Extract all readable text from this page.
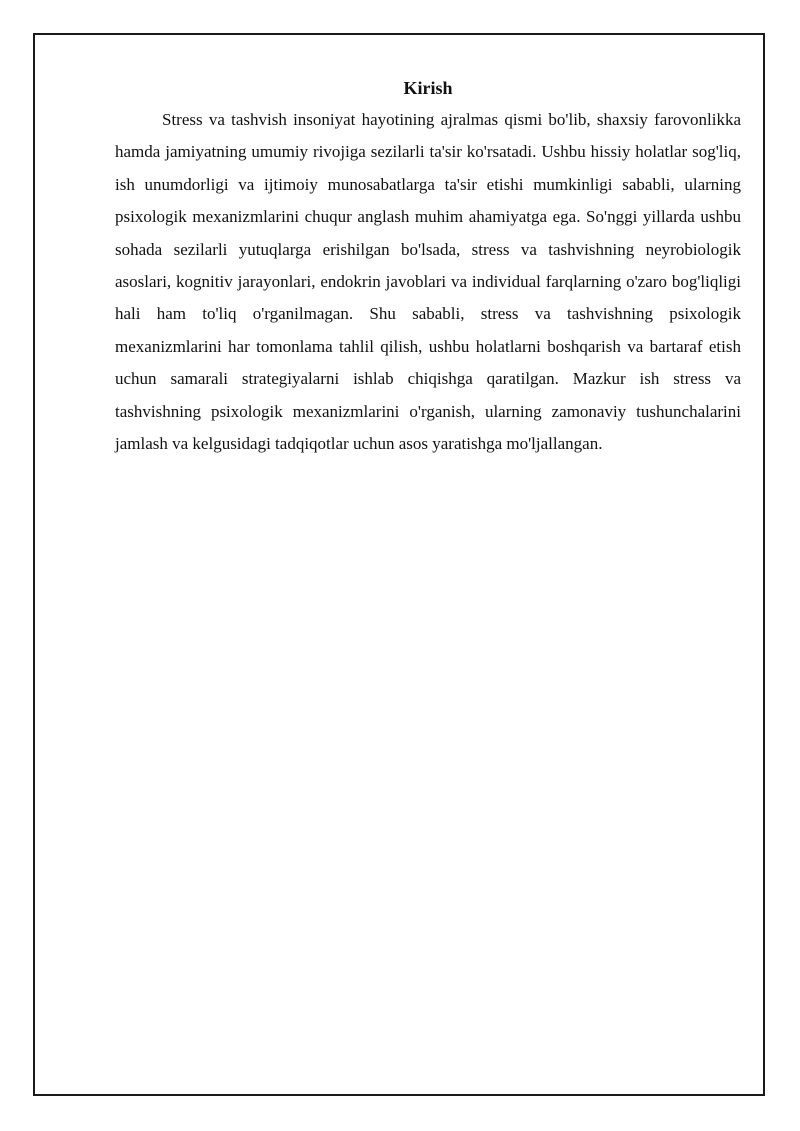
Kirish

Stress va tashvish insoniyat hayotining ajralmas qismi bo'lib, shaxsiy farovonlikka hamda jamiyatning umumiy rivojiga sezilarli ta'sir ko'rsatadi. Ushbu hissiy holatlar sog'liq, ish unumdorligi va ijtimoiy munosabatlarga ta'sir etishi mumkinligi sababli, ularning psixologik mexanizmlarini chuqur anglash muhim ahamiyatga ega. So'nggi yillarda ushbu sohada sezilarli yutuqlarga erishilgan bo'lsada, stress va tashvishning neyrobiologik asoslari, kognitiv jarayonlari, endokrin javoblari va individual farqlarning o'zaro bog'liqligi hali ham to'liq o'rganilmagan. Shu sababli, stress va tashvishning psixologik mexanizmlarini har tomonlama tahlil qilish, ushbu holatlarni boshqarish va bartaraf etish uchun samarali strategiyalarni ishlab chiqishga qaratilgan. Mazkur ish stress va tashvishning psixologik mexanizmlarini o'rganish, ularning zamonaviy tushunchalarini jamlash va kelgusidagi tadqiqotlar uchun asos yaratishga mo'ljallangan.
